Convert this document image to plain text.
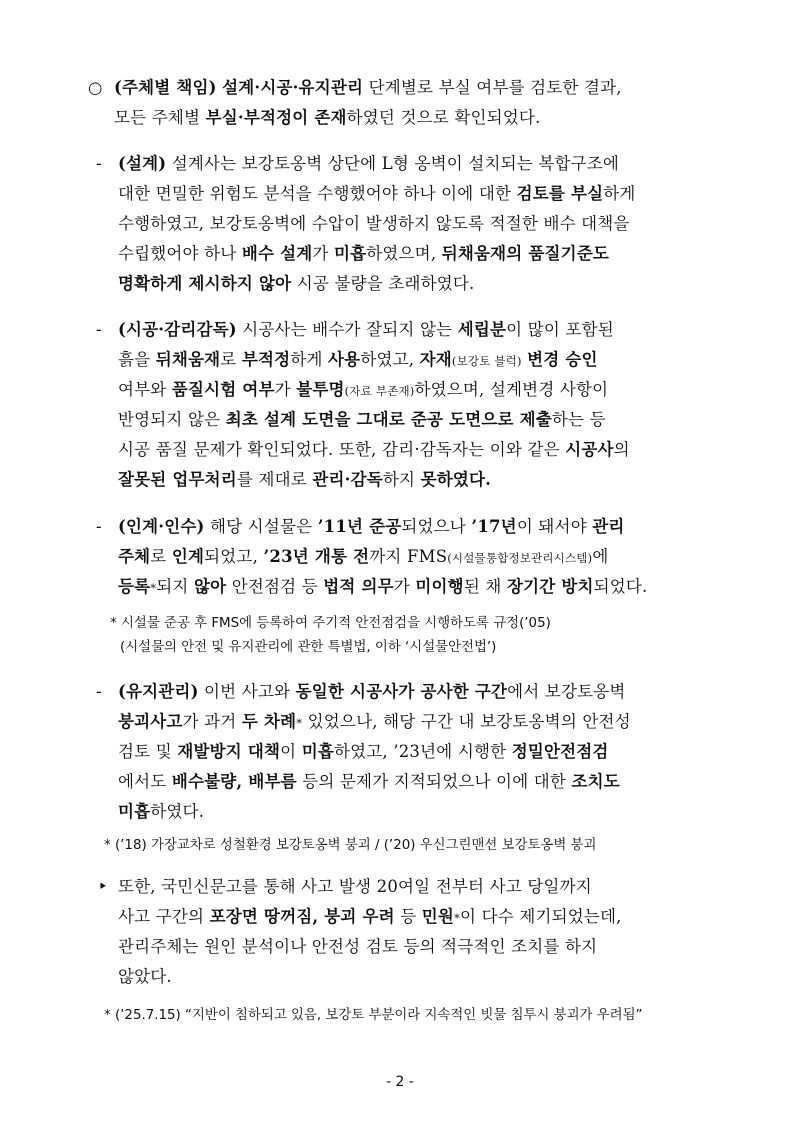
○ (주체별 책임) 설계·시공·유지관리 단계별로 부실 여부를 검토한 결과,
모든 주체별 부실·부적정이 존재하였던 것으로 확인되었다.
- (설계) 설계사는 보강토옹벽 상단에 L형 옹벽이 설치되는 복합구조에
대한 면밀한 위험도 분석을 수행했어야 하나 이에 대한 검토를 부실하게
수행하였고, 보강토옹벽에 수압이 발생하지 않도록 적절한 배수 대책을
수립했어야 하나 배수 설계가 미흡하였으며, 뒤채움재의 품질기준도
명확하게 제시하지 않아 시공 불량을 초래하였다.
- (시공·감리감독) 시공사는 배수가 잘되지 않는 세립분이 많이 포함된
흙을 뒤채움재로 부적정하게 사용하였고, 자재(보강토 블럭) 변경 승인
여부와 품질시험 여부가 불투명(자료 부존재)하였으며, 설계변경 사항이
반영되지 않은 최초 설계 도면을 그대로 준공 도면으로 제출하는 등
시공 품질 문제가 확인되었다. 또한, 감리·감독자는 이와 같은 시공사의
잘못된 업무처리를 제대로 관리·감독하지 못하였다.
- (인계·인수) 해당 시설물은 ’11년 준공되었으나 ’17년이 돼서야 관리
주체로 인계되었고, ’23년 개통 전까지 FMS(시설물통합정보관리시스템)에
등록*되지 않아 안전점검 등 법적 의무가 미이행된 채 장기간 방치되었다.
* 시설물 준공 후 FMS에 등록하여 주기적 안전점검을 시행하도록 규정(’05)
(시설물의 안전 및 유지관리에 관한 특별법, 이하 ‘시설물안전법’)
- (유지관리) 이번 사고와 동일한 시공사가 공사한 구간에서 보강토옹벽
붕괴사고가 과거 두 차례* 있었으나, 해당 구간 내 보강토옹벽의 안전성
검토 및 재발방지 대책이 미흡하였고, ’23년에 시행한 정밀안전점검
에서도 배수불량, 배부름 등의 문제가 지적되었으나 이에 대한 조치도
미흡하였다.
* (’18) 가장교차로 성철환경 보강토옹벽 붕괴 / (’20) 우신그린맨션 보강토옹벽 붕괴
‣ 또한, 국민신문고를 통해 사고 발생 20여일 전부터 사고 당일까지
사고 구간의 포장면 땅꺼짐, 붕괴 우려 등 민원*이 다수 제기되었는데,
관리주체는 원인 분석이나 안전성 검토 등의 적극적인 조치를 하지
않았다.
* (’25.7.15) “지반이 침하되고 있음, 보강토 부분이라 지속적인 빗물 침투시 붕괴가 우려됨”
- 2 -
